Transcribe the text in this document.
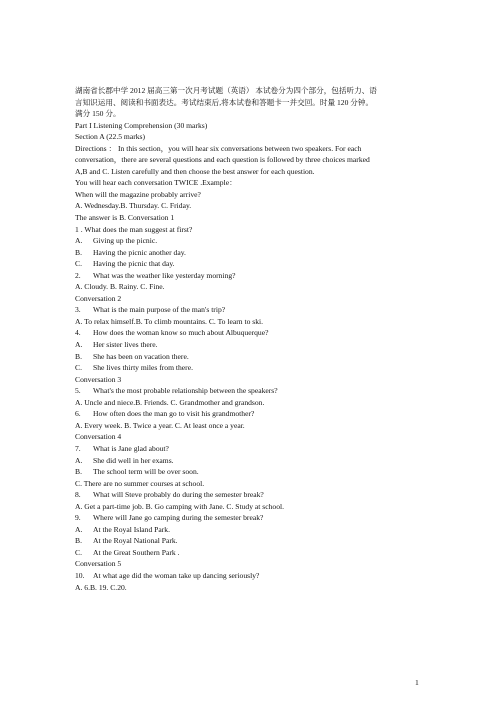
湖南省长郡中学 2012 届高三第一次月考试题（英语） 本试卷分为四个部分，包括听力、语
言知识运用、阅读和书面表达。考试结束后,将本试卷和答题卡一并交回。时量 120 分钟。
满分 150 分。
Part I Listening Comprehension (30 marks)
Section A (22.5 marks)
Directions ： In this section，you will hear six conversations between two speakers. For each
conversation，there are several questions and each question is followed by three choices marked
A,B and C. Listen carefully and then choose the best answer for each question.
You will hear each conversation TWICE .Example：
When will the magazine probably arrive?
A. Wednesday.B. Thursday. C. Friday.
The answer is B. Conversation 1
1 . What does the man suggest at first?
A.	Giving up the picnic.
B.	Having the picnic another day.
C.	Having the picnic that day.
2.	What was the weather like yesterday morning?
A. Cloudy. B. Rainy. C. Fine.
Conversation 2
3.	What is the main purpose of the man's trip?
A. To relax himself.B. To climb mountains. C. To learn to ski.
4.	How does the woman know so much about Albuquerque?
A.	Her sister lives there.
B.	She has been on vacation there.
C.	She lives thirty miles from there.
Conversation 3
5.	What's the most probable relationship between the speakers?
A. Uncle and niece.B. Friends. C. Grandmother and grandson.
6.	How often does the man go to visit his grandmother?
A. Every week. B. Twice a year. C. At least once a year.
Conversation 4
7.	What is Jane glad about?
A.	She did well in her exams.
B.	The school term will be over soon.
C. There are no summer courses at school.
8.	What will Steve probably do during the semester break?
A. Get a part-time job. B. Go camping with Jane. C. Study at school.
9.	Where will Jane go camping during the semester break?
A.	At the Royal Island Park.
B.	At the Royal National Park.
C.	At the Great Southern Park .
Conversation 5
10.	At what age did the woman take up dancing seriously?
A. 6.B. 19. C.20.
1
